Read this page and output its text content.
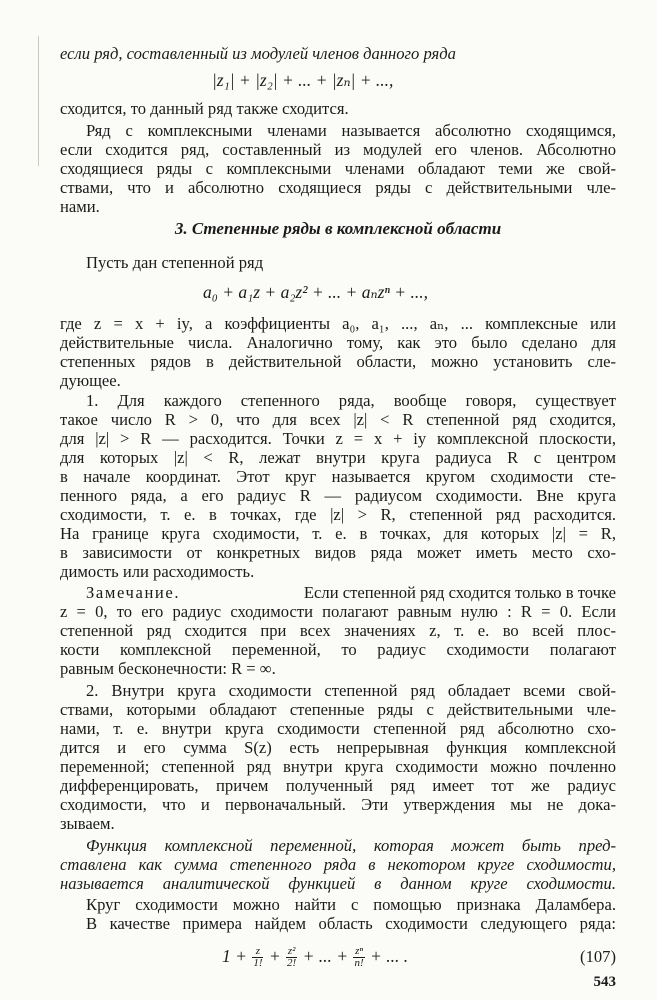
если ряд, составленный из модулей членов данного ряда
|z₁| + |z₂| + ... + |zₙ| + ...,
сходится, то данный ряд также сходится.
Ряд с комплексными членами называется абсолютно сходящимся,
если сходится ряд, составленный из модулей его членов. Абсолютно
сходящиеся ряды с комплексными членами обладают теми же свой-
ствами, что и абсолютно сходящиеся ряды с действительными чле-
нами.
3. Степенные ряды в комплексной области
Пусть дан степенной ряд
a₀ + a₁z + a₂z² + ... + aₙzⁿ + ...,
где z = x + iy, а коэффициенты a₀, a₁, ..., aₙ, ... комплексные или
действительные числа. Аналогично тому, как это было сделано для
степенных рядов в действительной области, можно установить сле-
дующее.
1. Для каждого степенного ряда, вообще говоря, существует
такое число R > 0, что для всех |z| < R степенной ряд сходится,
для |z| > R — расходится. Точки z = x + iy комплексной плоскости,
для которых |z| < R, лежат внутри круга радиуса R с центром
в начале координат. Этот круг называется кругом сходимости сте-
пенного ряда, а его радиус R — радиусом сходимости. Вне круга
сходимости, т. е. в точках, где |z| > R, степенной ряд расходится.
На границе круга сходимости, т. е. в точках, для которых |z| = R,
в зависимости от конкретных видов ряда может иметь место схо-
димость или расходимость.
Замечание.	Если степенной ряд сходится только в точке
z = 0, то его радиус сходимости полагают равным нулю : R = 0. Если
степенной ряд сходится при всех значениях z, т. е. во всей плос-
кости комплексной переменной, то радиус сходимости полагают
равным бесконечности: R = ∞.
2. Внутри круга сходимости степенной ряд обладает всеми свой-
ствами, которыми обладают степенные ряды с действительными чле-
нами, т. е. внутри круга сходимости степенной ряд абсолютно схо-
дится и его сумма S(z) есть непрерывная функция комплексной
переменной; степенной ряд внутри круга сходимости можно почленно
дифференцировать, причем полученный ряд имеет тот же радиус
сходимости, что и первоначальный. Эти утверждения мы не дока-
зываем.
Функция комплексной переменной, которая может быть пред-
ставлена как сумма степенного ряда в некотором круге сходимости,
называется аналитической функцией в данном круге сходимости.
Круг сходимости можно найти с помощью признака Даламбера.
В качестве примера найдем область сходимости следующего ряда:
$1 + \frac{z}{1!} + \frac{\text{z²}}{2!}$ + ... + $\frac{\text{zⁿ}}{n!}$ + ... .	(107)
543
